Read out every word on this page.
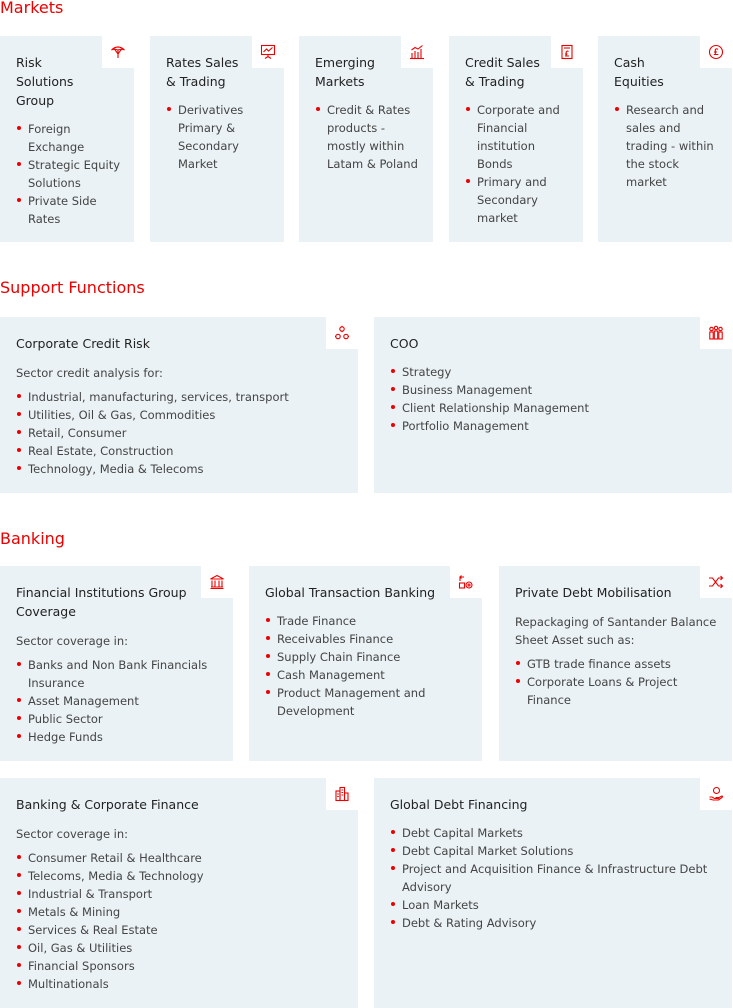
Markets
Risk Solutions Group
Foreign Exchange
Strategic Equity Solutions
Private Side Rates
Rates Sales & Trading
Derivatives Primary & Secondary Market
Emerging Markets
Credit & Rates products - mostly within Latam & Poland
Credit Sales & Trading
Corporate and Financial institution Bonds
Primary and Secondary market
Cash Equities
Research and sales and trading - within the stock market
Support Functions
Corporate Credit Risk

Sector credit analysis for:

Industrial, manufacturing, services, transport
Utilities, Oil & Gas, Commodities
Retail, Consumer
Real Estate, Construction
Technology, Media & Telecoms
COO
Strategy
Business Management
Client Relationship Management
Portfolio Management
Banking
Financial Institutions Group Coverage

Sector coverage in:

Banks and Non Bank Financials Insurance
Asset Management
Public Sector
Hedge Funds
Global Transaction Banking
Trade Finance
Receivables Finance
Supply Chain Finance
Cash Management
Product Management and Development
Private Debt Mobilisation

Repackaging of Santander Balance Sheet Asset such as:

GTB trade finance assets
Corporate Loans & Project Finance
Banking & Corporate Finance

Sector coverage in:

Consumer Retail & Healthcare
Telecoms, Media & Technology
Industrial & Transport
Metals & Mining
Services & Real Estate
Oil, Gas & Utilities
Financial Sponsors
Multinationals
Global Debt Financing
Debt Capital Markets
Debt Capital Market Solutions
Project and Acquisition Finance & Infrastructure Debt Advisory
Loan Markets
Debt & Rating Advisory
